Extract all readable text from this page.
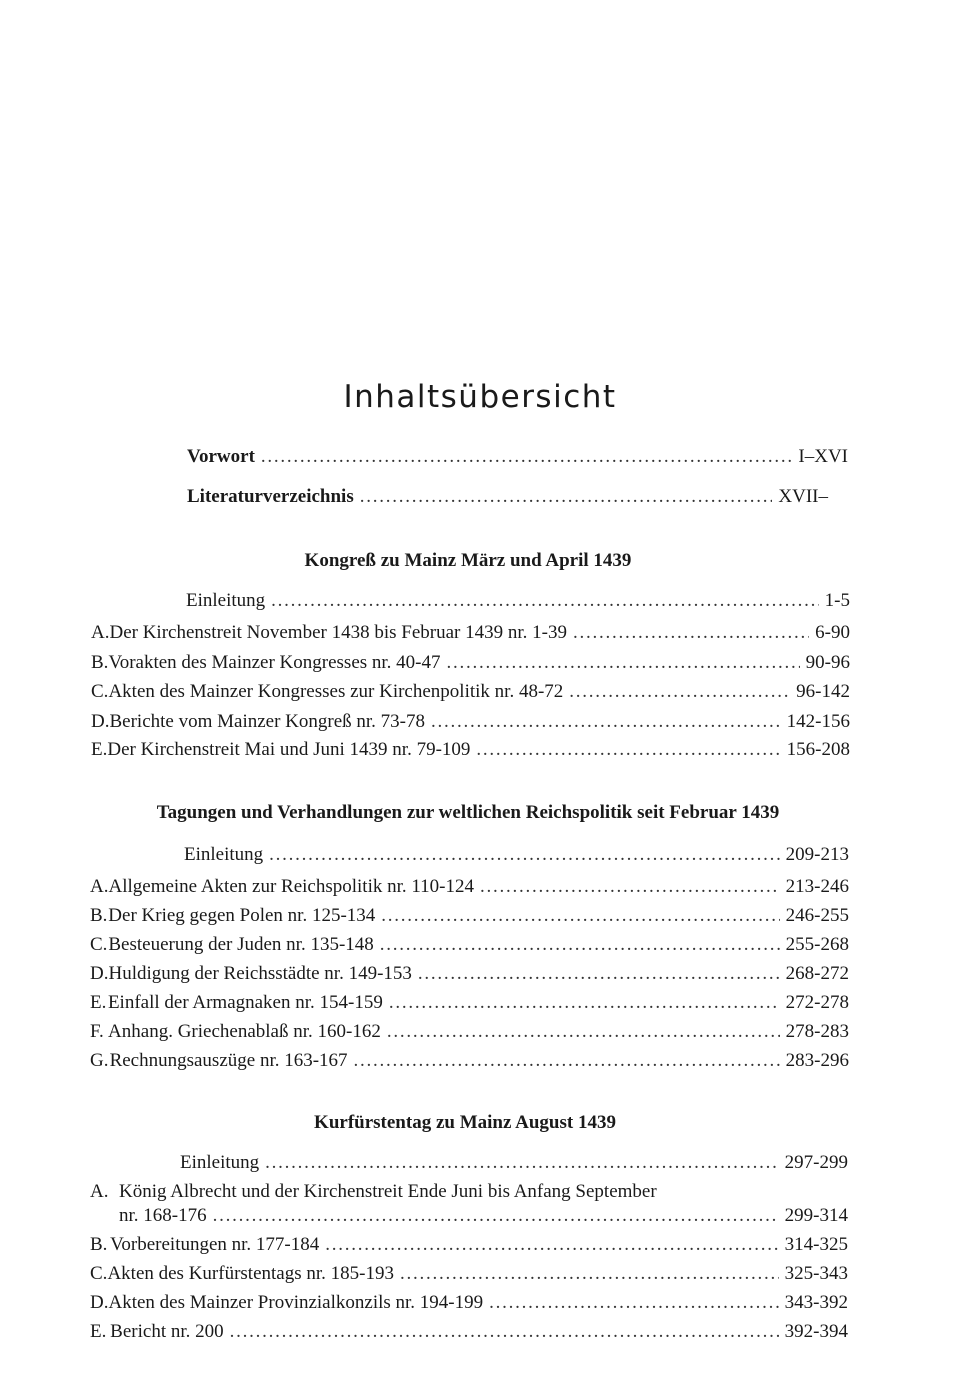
Inhaltsübersicht
Vorwort . . .	I–XVI
Literaturverzeichnis . . .	XVII–
Kongreß zu Mainz März und April 1439
Einleitung . . .	1-5
A. Der Kirchenstreit November 1438 bis Februar 1439 nr. 1-39 . . .	6-90
B. Vorakten des Mainzer Kongresses nr. 40-47 . . .	90-96
C. Akten des Mainzer Kongresses zur Kirchenpolitik nr. 48-72 . . .	96-142
D. Berichte vom Mainzer Kongreß nr. 73-78 . . .	142-156
E. Der Kirchenstreit Mai und Juni 1439 nr. 79-109 . . .	156-208
Tagungen und Verhandlungen zur weltlichen Reichspolitik seit Februar 1439
Einleitung . . .	209-213
A. Allgemeine Akten zur Reichspolitik nr. 110-124 . . .	213-246
B. Der Krieg gegen Polen nr. 125-134 . . .	246-255
C. Besteuerung der Juden nr. 135-148 . . .	255-268
D. Huldigung der Reichsstädte nr. 149-153 . . .	268-272
E. Einfall der Armagnaken nr. 154-159 . . .	272-278
F. Anhang. Griechenablaß nr. 160-162 . . .	278-283
G. Rechnungsauszüge nr. 163-167 . . .	283-296
Kurfürstentag zu Mainz August 1439
Einleitung . . .	297-299
A. König Albrecht und der Kirchenstreit Ende Juni bis Anfang September
nr. 168-176 . . .	299-314
B. Vorbereitungen nr. 177-184 . . .	314-325
C. Akten des Kurfürstentags nr. 185-193 . . .	325-343
D. Akten des Mainzer Provinzialkonzils nr. 194-199 . . .	343-392
E. Bericht nr. 200 . . .	392-394
